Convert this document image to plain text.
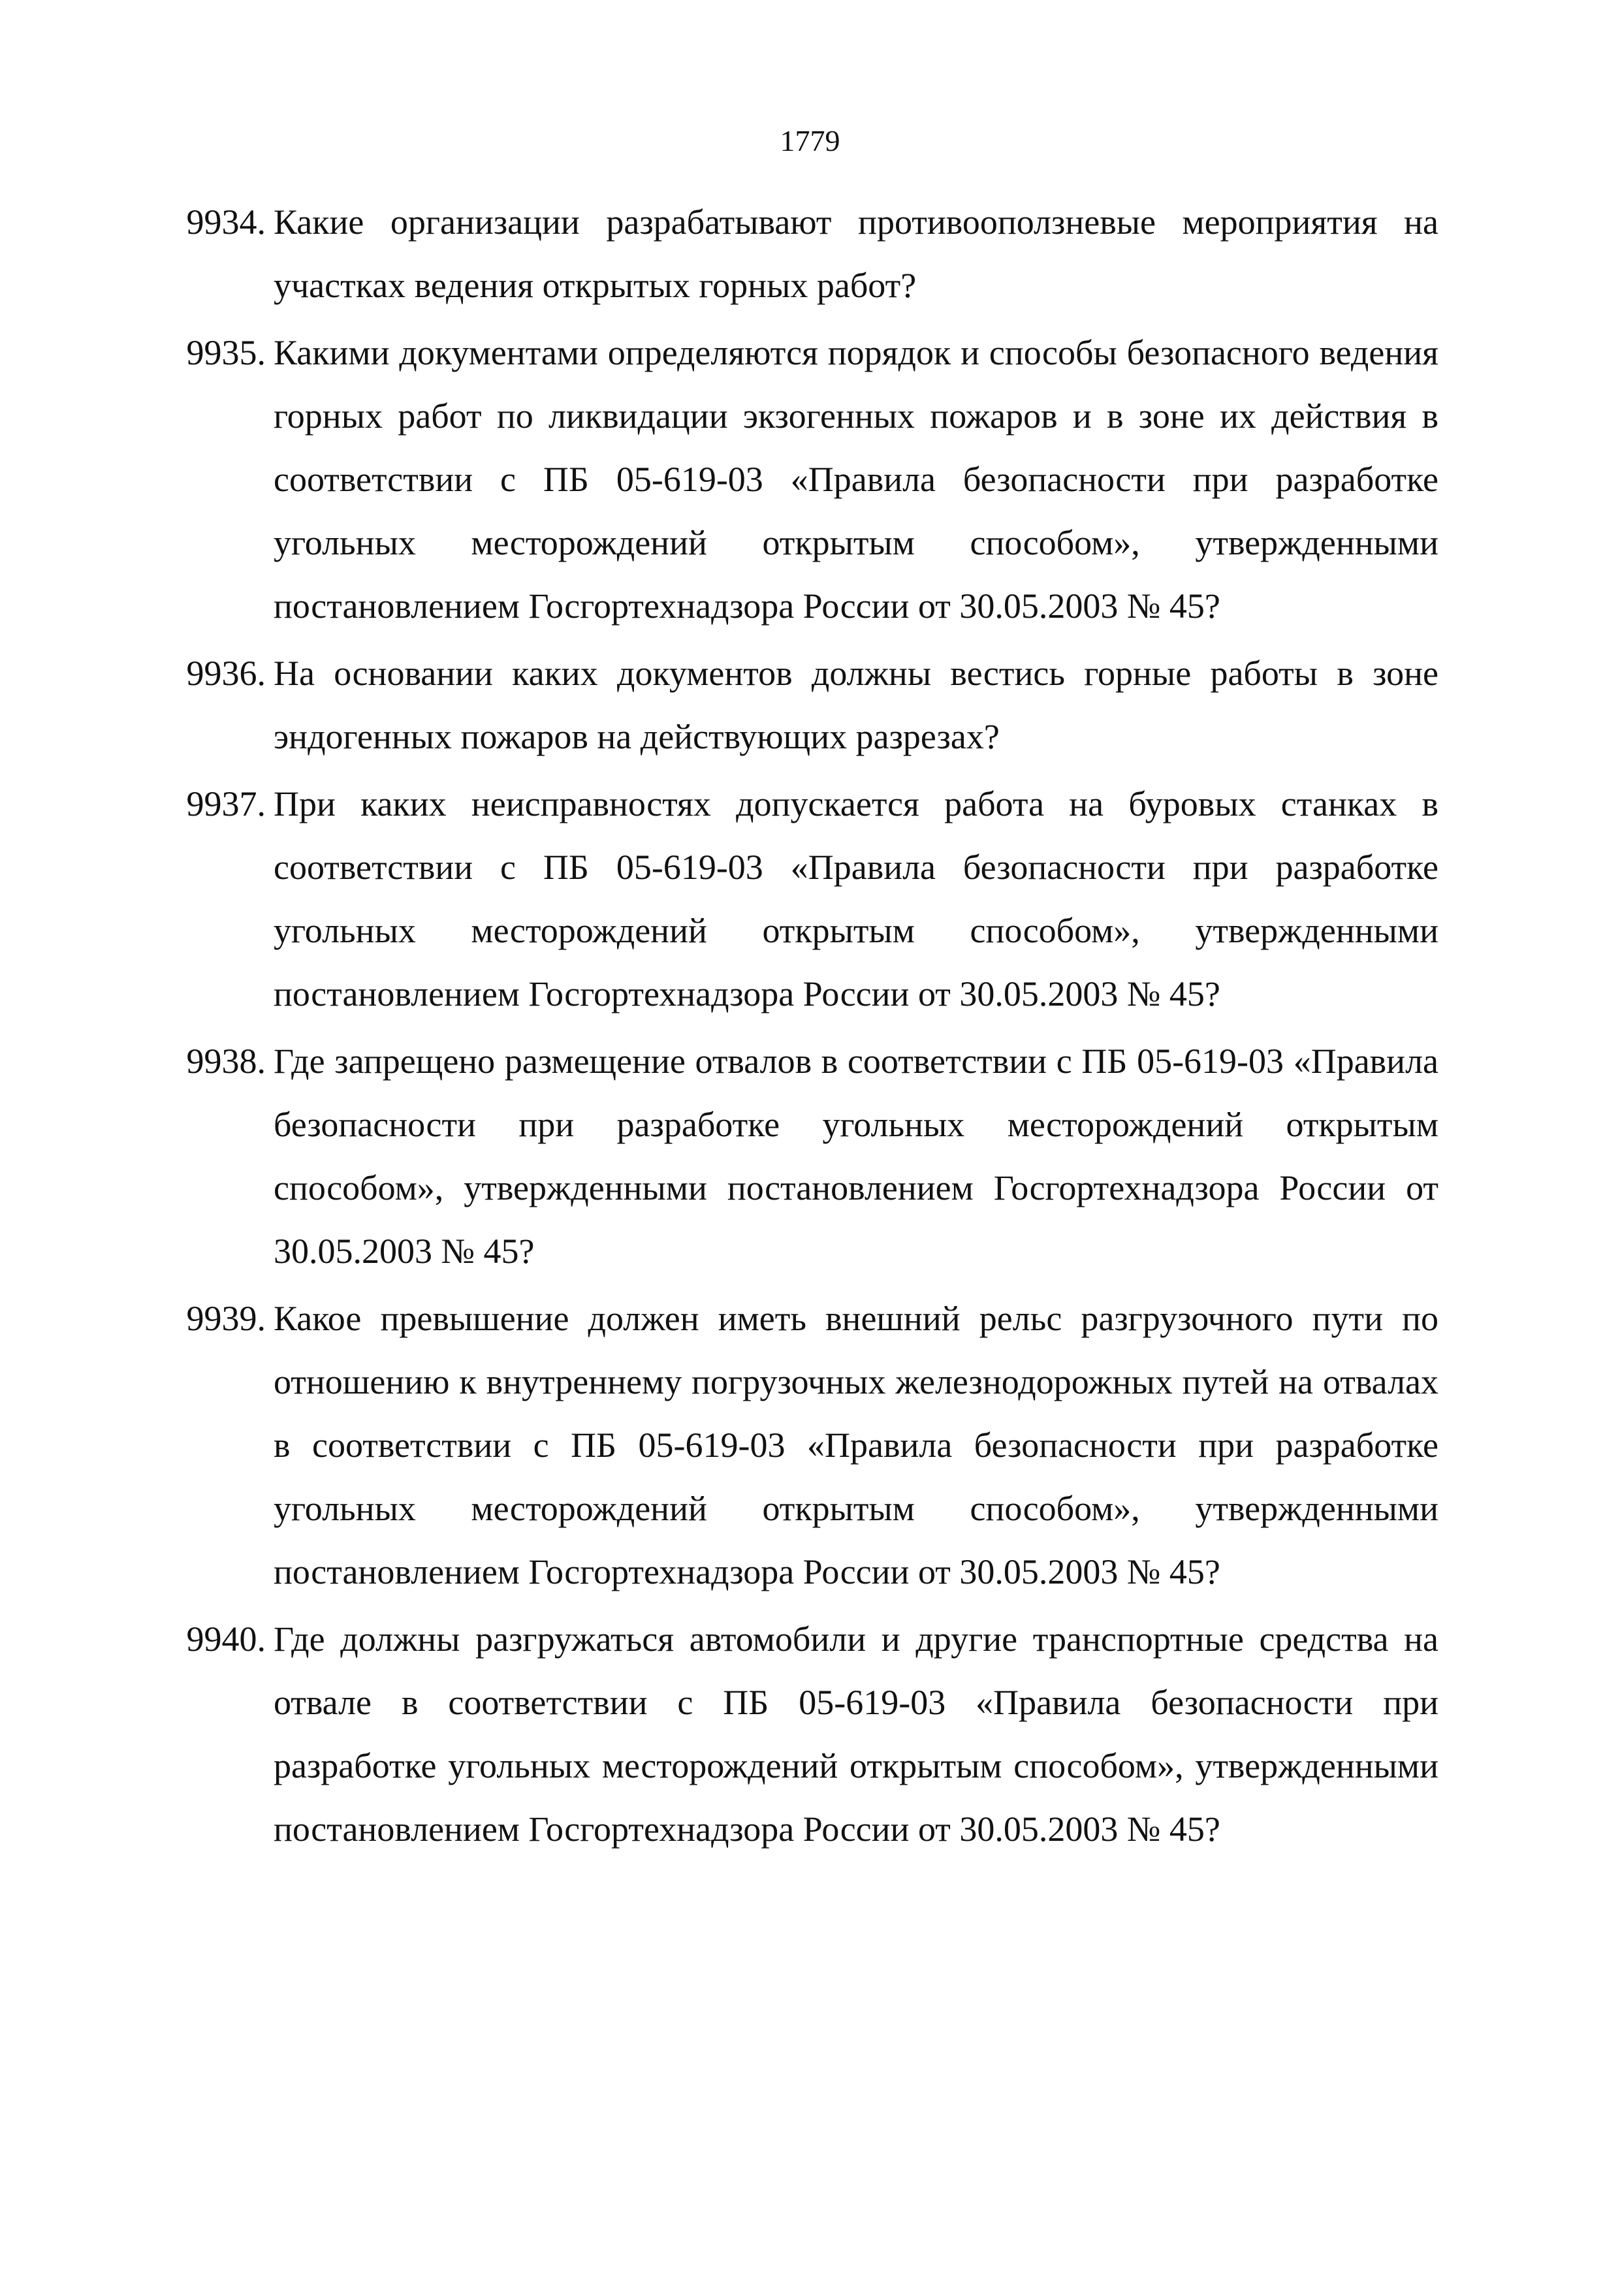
1779
9934. Какие организации разрабатывают противооползневые мероприятия на участках ведения открытых горных работ?
9935. Какими документами определяются порядок и способы безопасного ведения горных работ по ликвидации экзогенных пожаров и в зоне их действия в соответствии с ПБ 05-619-03 «Правила безопасности при разработке угольных месторождений открытым способом», утвержденными постановлением Госгортехнадзора России от 30.05.2003 № 45?
9936. На основании каких документов должны вестись горные работы в зоне эндогенных пожаров на действующих разрезах?
9937. При каких неисправностях допускается работа на буровых станках в соответствии с ПБ 05-619-03 «Правила безопасности при разработке угольных месторождений открытым способом», утвержденными постановлением Госгортехнадзора России от 30.05.2003 № 45?
9938. Где запрещено размещение отвалов в соответствии с ПБ 05-619-03 «Правила безопасности при разработке угольных месторождений открытым способом», утвержденными постановлением Госгортехнадзора России от 30.05.2003 № 45?
9939. Какое превышение должен иметь внешний рельс разгрузочного пути по отношению к внутреннему погрузочных железнодорожных путей на отвалах в соответствии с ПБ 05-619-03 «Правила безопасности при разработке угольных месторождений открытым способом», утвержденными постановлением Госгортехнадзора России от 30.05.2003 № 45?
9940. Где должны разгружаться автомобили и другие транспортные средства на отвале в соответствии с ПБ 05-619-03 «Правила безопасности при разработке угольных месторождений открытым способом», утвержденными постановлением Госгортехнадзора России от 30.05.2003 № 45?
